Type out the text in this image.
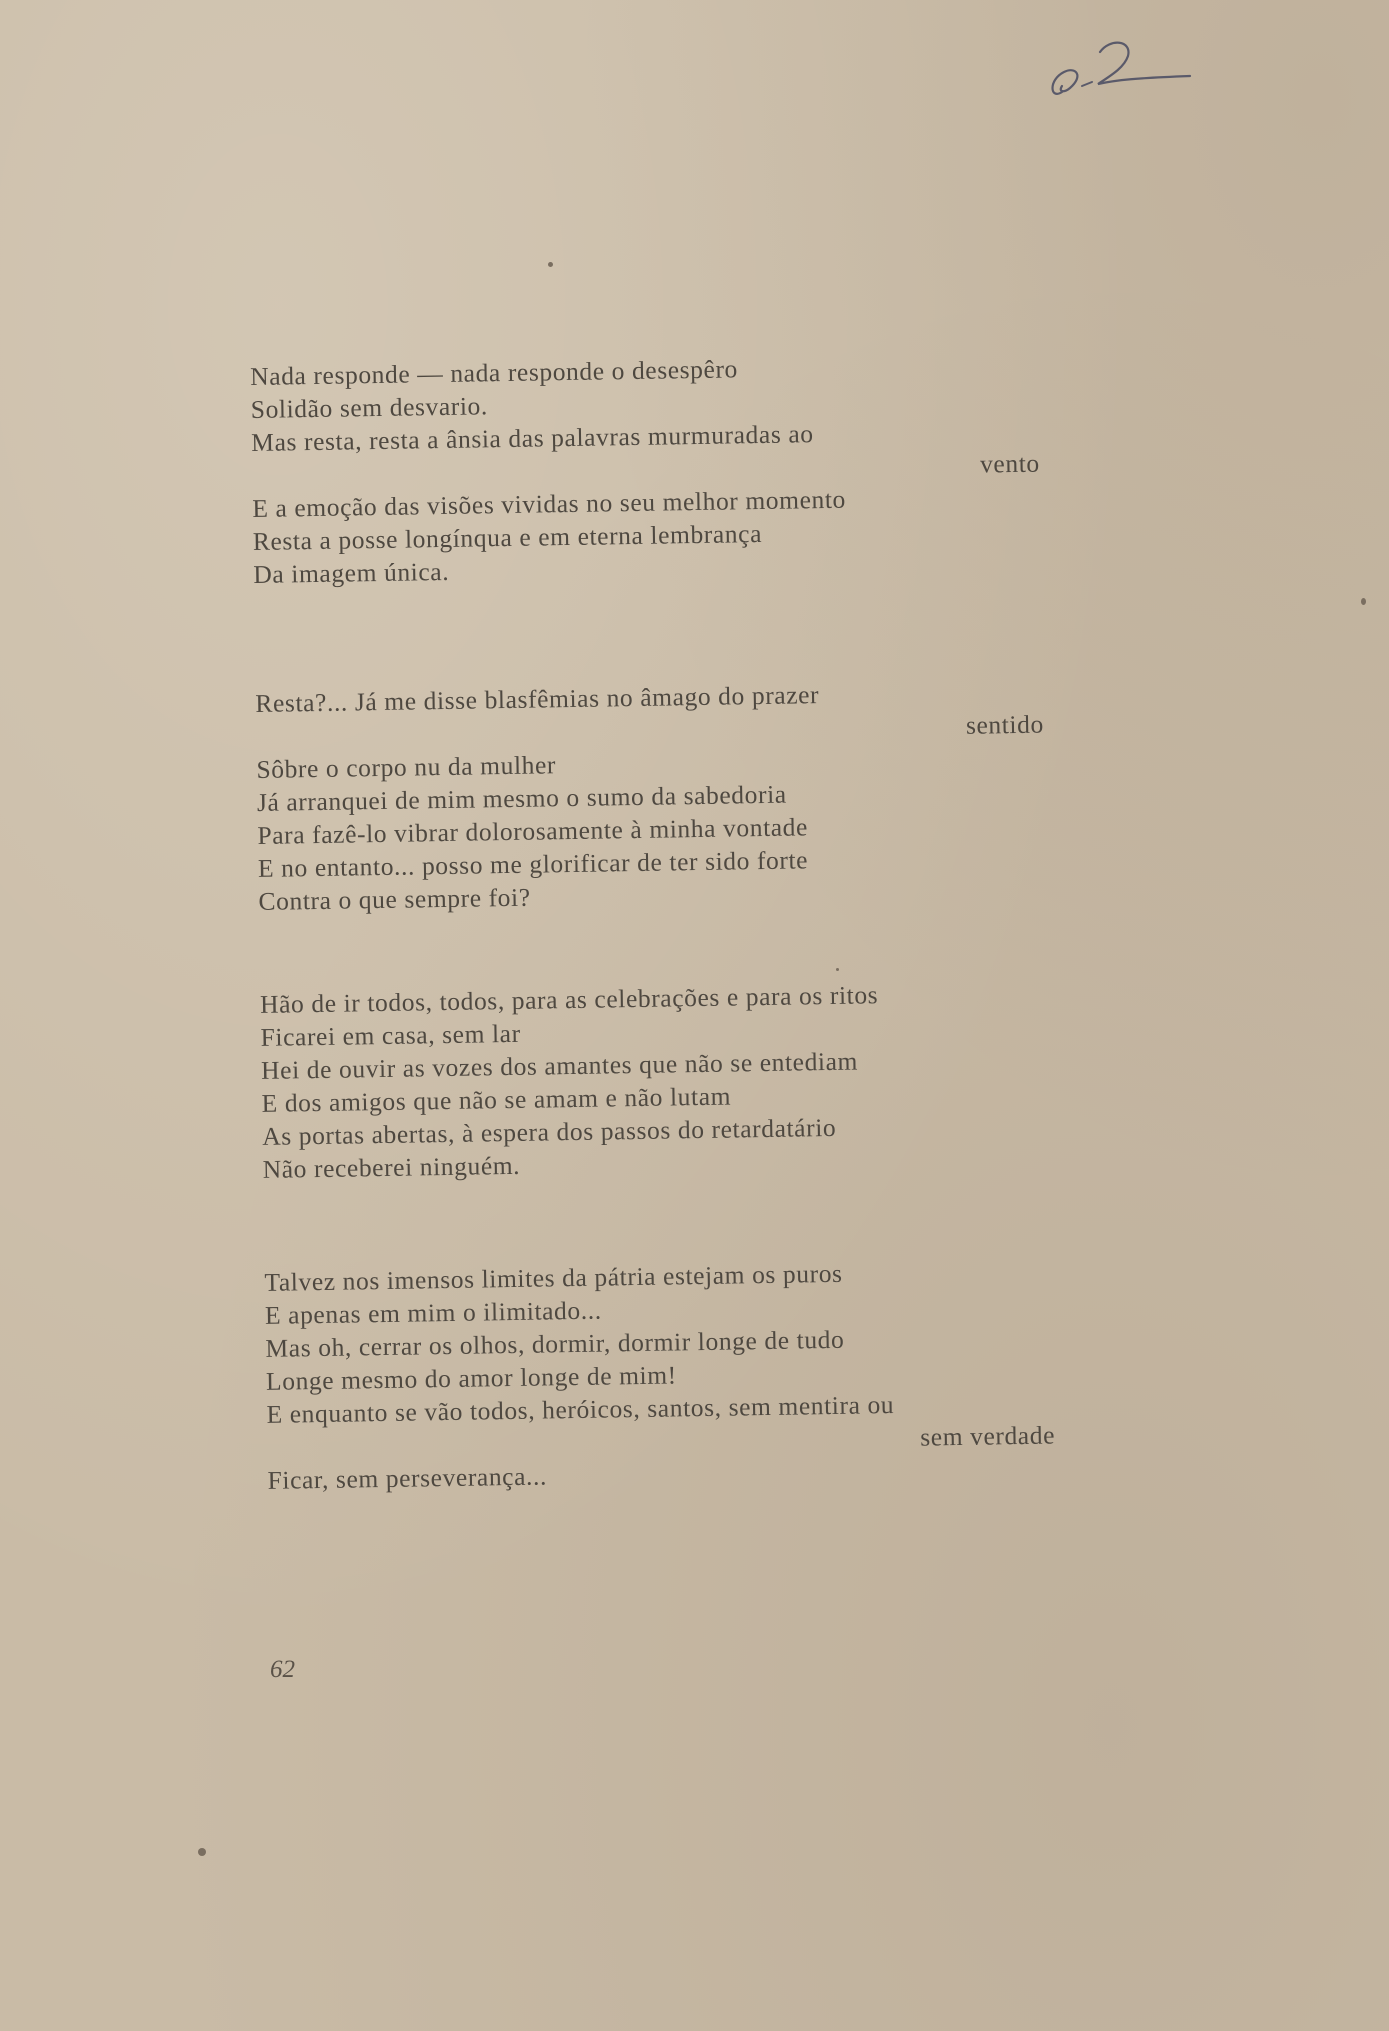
Nada responde — nada responde o desespêro
Solidão sem desvario.
Mas resta, resta a ânsia das palavras murmuradas ao
vento
E a emoção das visões vividas no seu melhor momento
Resta a posse longínqua e em eterna lembrança
Da imagem única.
Resta?... Já me disse blasfêmias no âmago do prazer
sentido
Sôbre o corpo nu da mulher
Já arranquei de mim mesmo o sumo da sabedoria
Para fazê-lo vibrar dolorosamente à minha vontade
E no entanto... posso me glorificar de ter sido forte
Contra o que sempre foi?
Hão de ir todos, todos, para as celebrações e para os ritos
Ficarei em casa, sem lar
Hei de ouvir as vozes dos amantes que não se entediam
E dos amigos que não se amam e não lutam
As portas abertas, à espera dos passos do retardatário
Não receberei ninguém.
Talvez nos imensos limites da pátria estejam os puros
E apenas em mim o ilimitado...
Mas oh, cerrar os olhos, dormir, dormir longe de tudo
Longe mesmo do amor longe de mim!
E enquanto se vão todos, heróicos, santos, sem mentira ou
sem verdade
Ficar, sem perseverança...
62
